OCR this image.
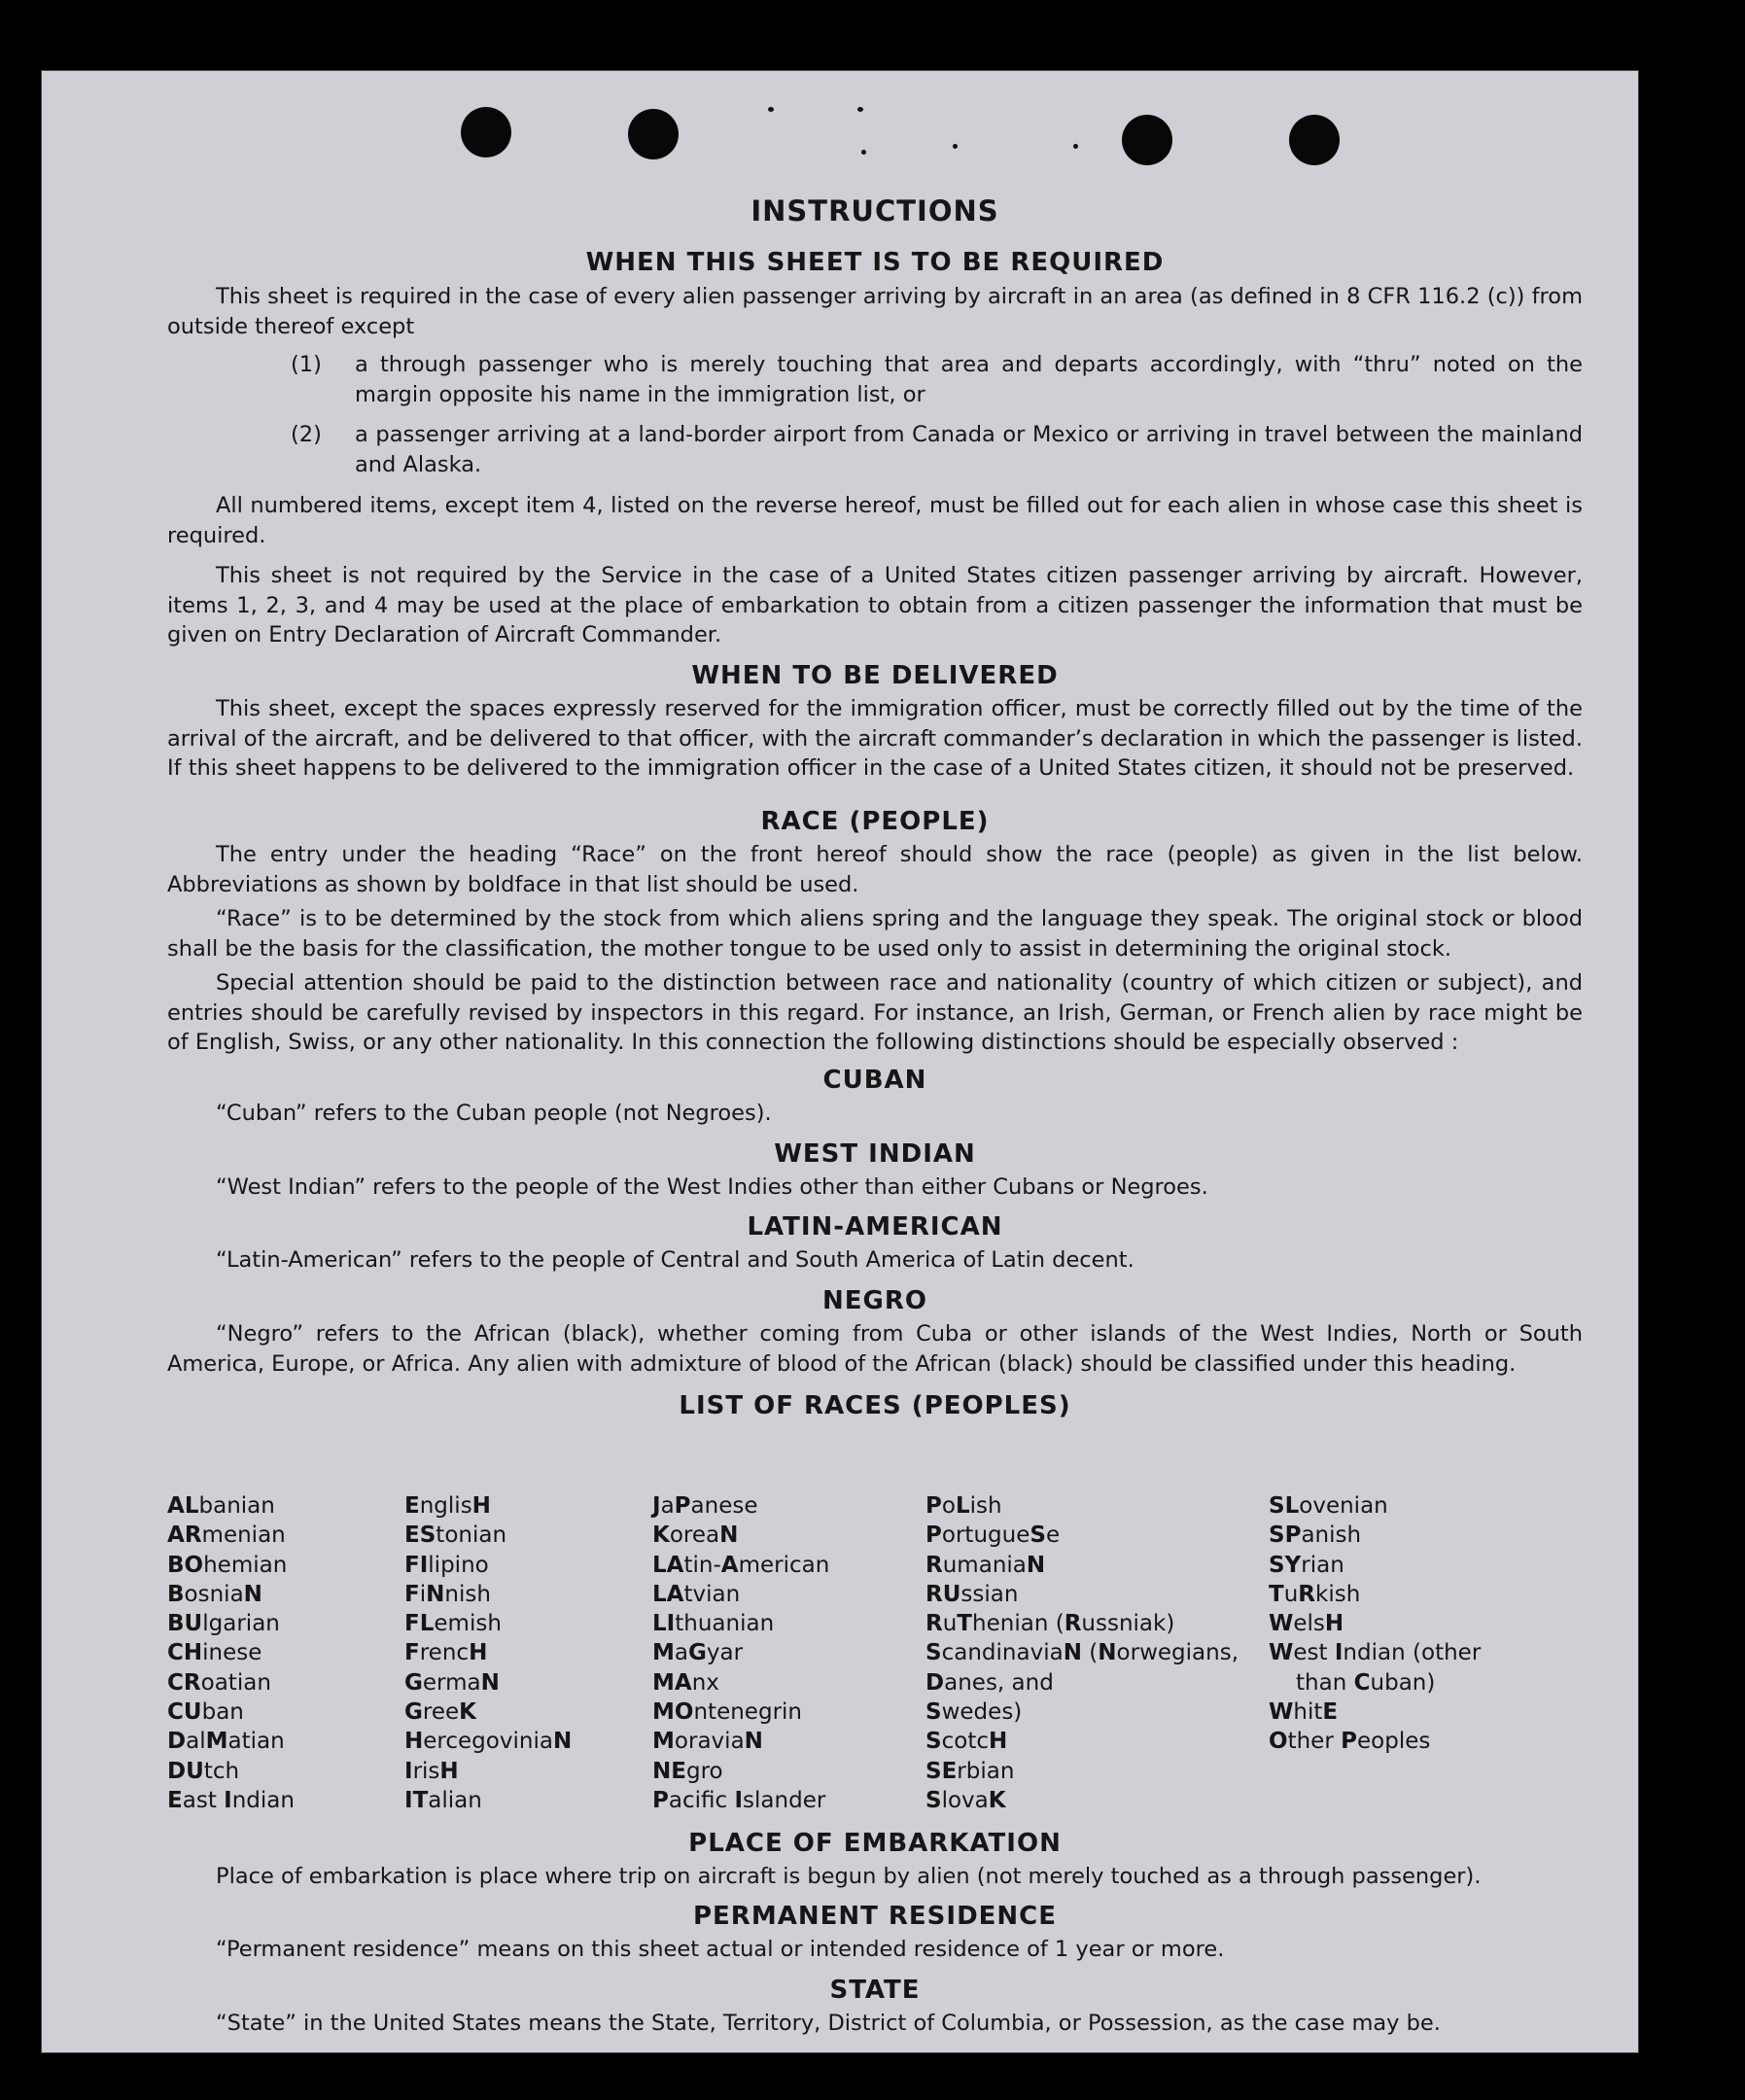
INSTRUCTIONS
WHEN THIS SHEET IS TO BE REQUIRED

This sheet is required in the case of every alien passenger arriving by aircraft in an area (as defined in 8 CFR 116.2 (c)) from outside thereof except

(1) a through passenger who is merely touching that area and departs accordingly, with “thru” noted on the margin opposite his name in the immigration list, or
(2) a passenger arriving at a land-border airport from Canada or Mexico or arriving in travel between the mainland and Alaska.

All numbered items, except item 4, listed on the reverse hereof, must be filled out for each alien in whose case this sheet is required.

This sheet is not required by the Service in the case of a United States citizen passenger arriving by aircraft. However, items 1, 2, 3, and 4 may be used at the place of embarkation to obtain from a citizen passenger the information that must be given on Entry Declaration of Aircraft Commander.

WHEN TO BE DELIVERED

This sheet, except the spaces expressly reserved for the immigration officer, must be correctly filled out by the time of the arrival of the aircraft, and be delivered to that officer, with the aircraft commander’s declaration in which the passenger is listed. If this sheet happens to be delivered to the immigration officer in the case of a United States citizen, it should not be preserved.

RACE (PEOPLE)

The entry under the heading “Race” on the front hereof should show the race (people) as given in the list below. Abbreviations as shown by boldface in that list should be used.

“Race” is to be determined by the stock from which aliens spring and the language they speak. The original stock or blood shall be the basis for the classification, the mother tongue to be used only to assist in determining the original stock.

Special attention should be paid to the distinction between race and nationality (country of which citizen or subject), and entries should be carefully revised by inspectors in this regard. For instance, an Irish, German, or French alien by race might be of English, Swiss, or any other nationality. In this connection the following distinctions should be especially observed :

CUBAN

“Cuban” refers to the Cuban people (not Negroes).

WEST INDIAN

“West Indian” refers to the people of the West Indies other than either Cubans or Negroes.

LATIN-AMERICAN

“Latin-American” refers to the people of Central and South America of Latin decent.

NEGRO

“Negro” refers to the African (black), whether coming from Cuba or other islands of the West Indies, North or South America, Europe, or Africa. Any alien with admixture of blood of the African (black) should be classified under this heading.

LIST OF RACES (PEOPLES)
ALbanian
ARmenian
BOhemian
BosniaN
BUlgarian
CHinese
CRoatian
CUban
DalMatian
DUtch
East Indian
EnglisH
EStonian
FIlipino
FiNnish
FLemish
FrencH
GermaN
GreeK
HercegoviniaN
IrisH
ITalian
JaPanese
KoreaN
LAtin-American
LAtvian
LIthuanian
MaGyar
MAnx
MOntenegrin
MoraviaN
NEgro
Pacifc Islander
PoLish
PortugueSe
RumaniaN
RUssian
RuThenian (Russniak)
ScandinaviaN (Norwegians,
Danes, and
Swedes)
ScotcH
SErbian
SlovaK
SLovenian
SPanish
SYrian
TuRkish
WelsH
West Indian (other
than Cuban)
WhitE
Other Peoples
PLACE OF EMBARKATION

Place of embarkation is place where trip on aircraft is begun by alien (not merely touched as a through passenger).

PERMANENT RESIDENCE

“Permanent residence” means on this sheet actual or intended residence of 1 year or more.

STATE

“State” in the United States means the State, Territory, District of Columbia, or Possession, as the case may be.
